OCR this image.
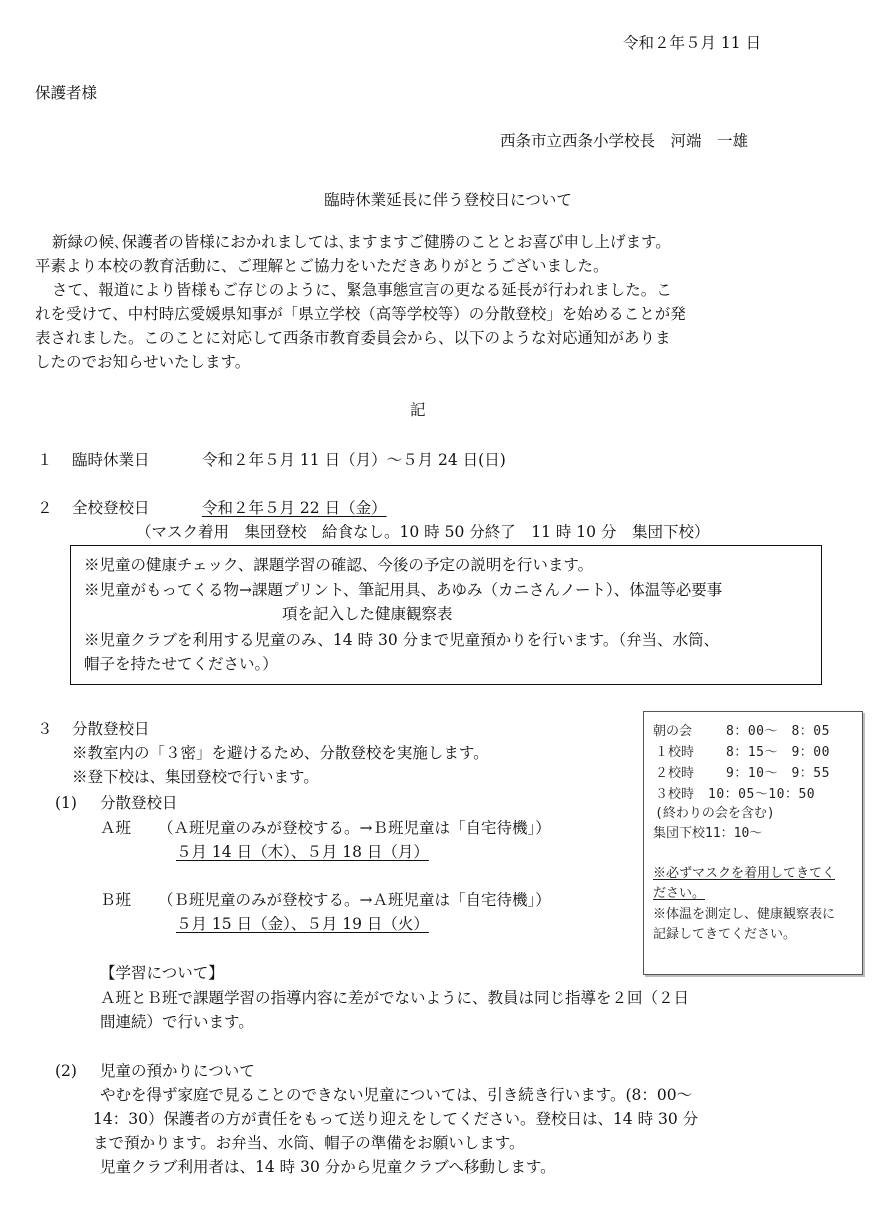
令和２年５月 11 日
保護者様
西条市立西条小学校長　河端　一雄
臨時休業延長に伴う登校日について
新緑の候､保護者の皆様におかれましては､ますますご健勝のこととお喜び申し上げます。
平素より本校の教育活動に、ご理解とご協力をいただきありがとうございました。
さて、報道により皆様もご存じのように、緊急事態宣言の更なる延長が行われました。こ
れを受けて、中村時広愛媛県知事が「県立学校（高等学校等）の分散登校」を始めることが発
表されました。このことに対応して西条市教育委員会から、以下のような対応通知がありま
したのでお知らせいたします。
記
１ 臨時休業日	令和２年５月 11 日（月）～５月 24 日(日)
２ 全校登校日	令和２年５月 22 日（金）
（マスク着用　集団登校　給食なし。10 時 50 分終了　11 時 10 分　集団下校）
※児童の健康チェック、課題学習の確認、今後の予定の説明を行います。
※児童がもってくる物→課題プリント、筆記用具、あゆみ（カニさんノート）、体温等必要事
項を記入した健康観察表
※児童クラブを利用する児童のみ、14 時 30 分まで児童預かりを行います。（弁当、水筒、
帽子を持たせてください。）
３ 分散登校日
※教室内の「３密」を避けるため、分散登校を実施します。
※登下校は、集団登校で行います。
(1) 分散登校日
Ａ班 （Ａ班児童のみが登校する。→Ｂ班児童は「自宅待機」）
５月 14 日（木）、５月 18 日（月）
Ｂ班 （Ｂ班児童のみが登校する。→Ａ班児童は「自宅待機」）
５月 15 日（金）、５月 19 日（火）
【学習について】
Ａ班とＢ班で課題学習の指導内容に差がでないように、教員は同じ指導を２回（２日
間連続）で行います。
(2) 児童の預かりについて
やむを得ず家庭で見ることのできない児童については、引き続き行います。(8：00～
14：30）保護者の方が責任をもって送り迎えをしてください。登校日は、14 時 30 分
まで預かります。お弁当、水筒、帽子の準備をお願いします。
児童クラブ利用者は、14 時 30 分から児童クラブへ移動します。
朝の会	8：00～　8：05
１校時 8：15～　9：00
２校時 9：10～　9：55
３校時 10：05～10：50
(終わりの会を含む)
集団下校11：10～
※必ずマスクを着用してきてく
ださい。
※体温を測定し、健康観察表に
記録してきてください。
